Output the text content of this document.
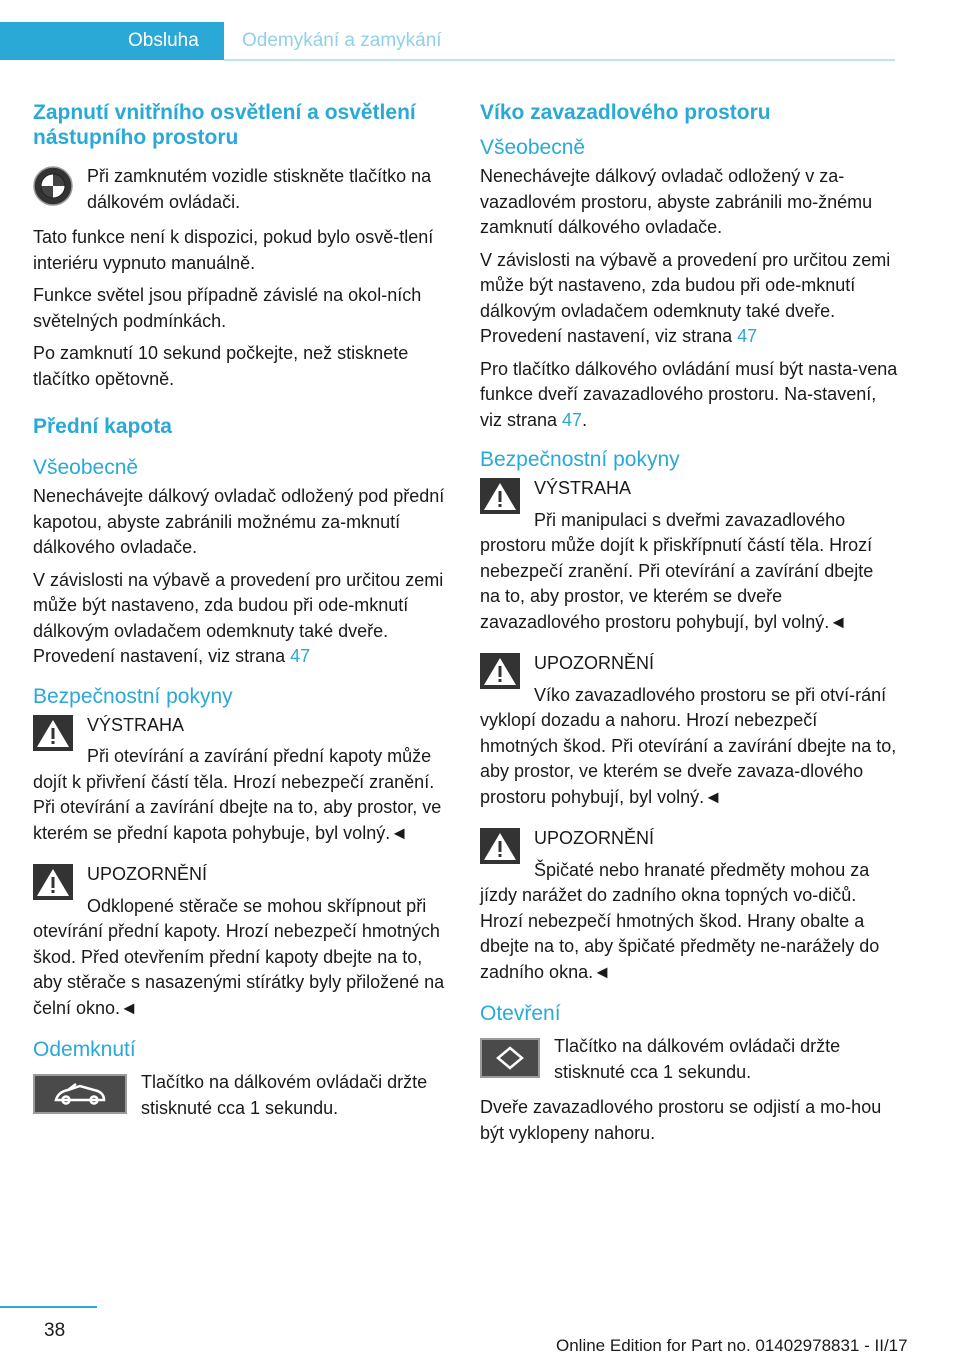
Obsluha	Odemykání a zamykání
Zapnutí vnitřního osvětlení a osvětlení nástupního prostoru

Při zamknutém vozidle stiskněte tlačítko na dálkovém ovládači.

Tato funkce není k dispozici, pokud bylo osvě-tlení interiéru vypnuto manuálně.

Funkce světel jsou případně závislé na okol-ních světelných podmínkách.

Po zamknutí 10 sekund počkejte, než stisknete tlačítko opětovně.

Přední kapota
Všeobecně

Nenechávejte dálkový ovladač odložený pod přední kapotou, abyste zabránili možnému za-mknutí dálkového ovladače.

V závislosti na výbavě a provedení pro určitou zemi může být nastaveno, zda budou při ode-mknutí dálkovým ovladačem odemknuty také dveře. Provedení nastavení, viz strana 47

Bezpečnostní pokyny
VÝSTRAHA

Při otevírání a zavírání přední kapoty může dojít k přivření částí těla. Hrozí nebezpečí zranění. Při otevírání a zavírání dbejte na to, aby prostor, ve kterém se přední kapota pohybuje, byl volný.◄

UPOZORNĚNÍ

Odklopené stěrače se mohou skřípnout při otevírání přední kapoty. Hrozí nebezpečí hmotných škod. Před otevřením přední kapoty dbejte na to, aby stěrače s nasazenými stírátky byly přiložené na čelní okno.◄

Odemknutí

Tlačítko na dálkovém ovládači držte stisknuté cca 1 sekundu.

Víko zavazadlového prostoru
Všeobecně

Nenechávejte dálkový ovladač odložený v za-vazadlovém prostoru, abyste zabránili mo-žnému zamknutí dálkového ovladače.

V závislosti na výbavě a provedení pro určitou zemi může být nastaveno, zda budou při ode-mknutí dálkovým ovladačem odemknuty také dveře. Provedení nastavení, viz strana 47

Pro tlačítko dálkového ovládání musí být nasta-vena funkce dveří zavazadlového prostoru. Na-stavení, viz strana 47.

Bezpečnostní pokyny
VÝSTRAHA

Při manipulaci s dveřmi zavazadlového prostoru může dojít k přiskřípnutí částí těla. Hrozí nebezpečí zranění. Při otevírání a zavírání dbejte na to, aby prostor, ve kterém se dveře zavazadlového prostoru pohybují, byl volný.◄

UPOZORNĚNÍ

Víko zavazadlového prostoru se při otví-rání vyklopí dozadu a nahoru. Hrozí nebezpečí hmotných škod. Při otevírání a zavírání dbejte na to, aby prostor, ve kterém se dveře zavaza-dlového prostoru pohybují, byl volný.◄

UPOZORNĚNÍ

Špičaté nebo hranaté předměty mohou za jízdy narážet do zadního okna topných vo-dičů. Hrozí nebezpečí hmotných škod. Hrany obalte a dbejte na to, aby špičaté předměty ne-narážely do zadního okna.◄

Otevření

Tlačítko na dálkovém ovládači držte stisknuté cca 1 sekundu.

Dveře zavazadlového prostoru se odjistí a mo-hou být vyklopeny nahoru.

38
Online Edition for Part no. 01402978831 - II/17
